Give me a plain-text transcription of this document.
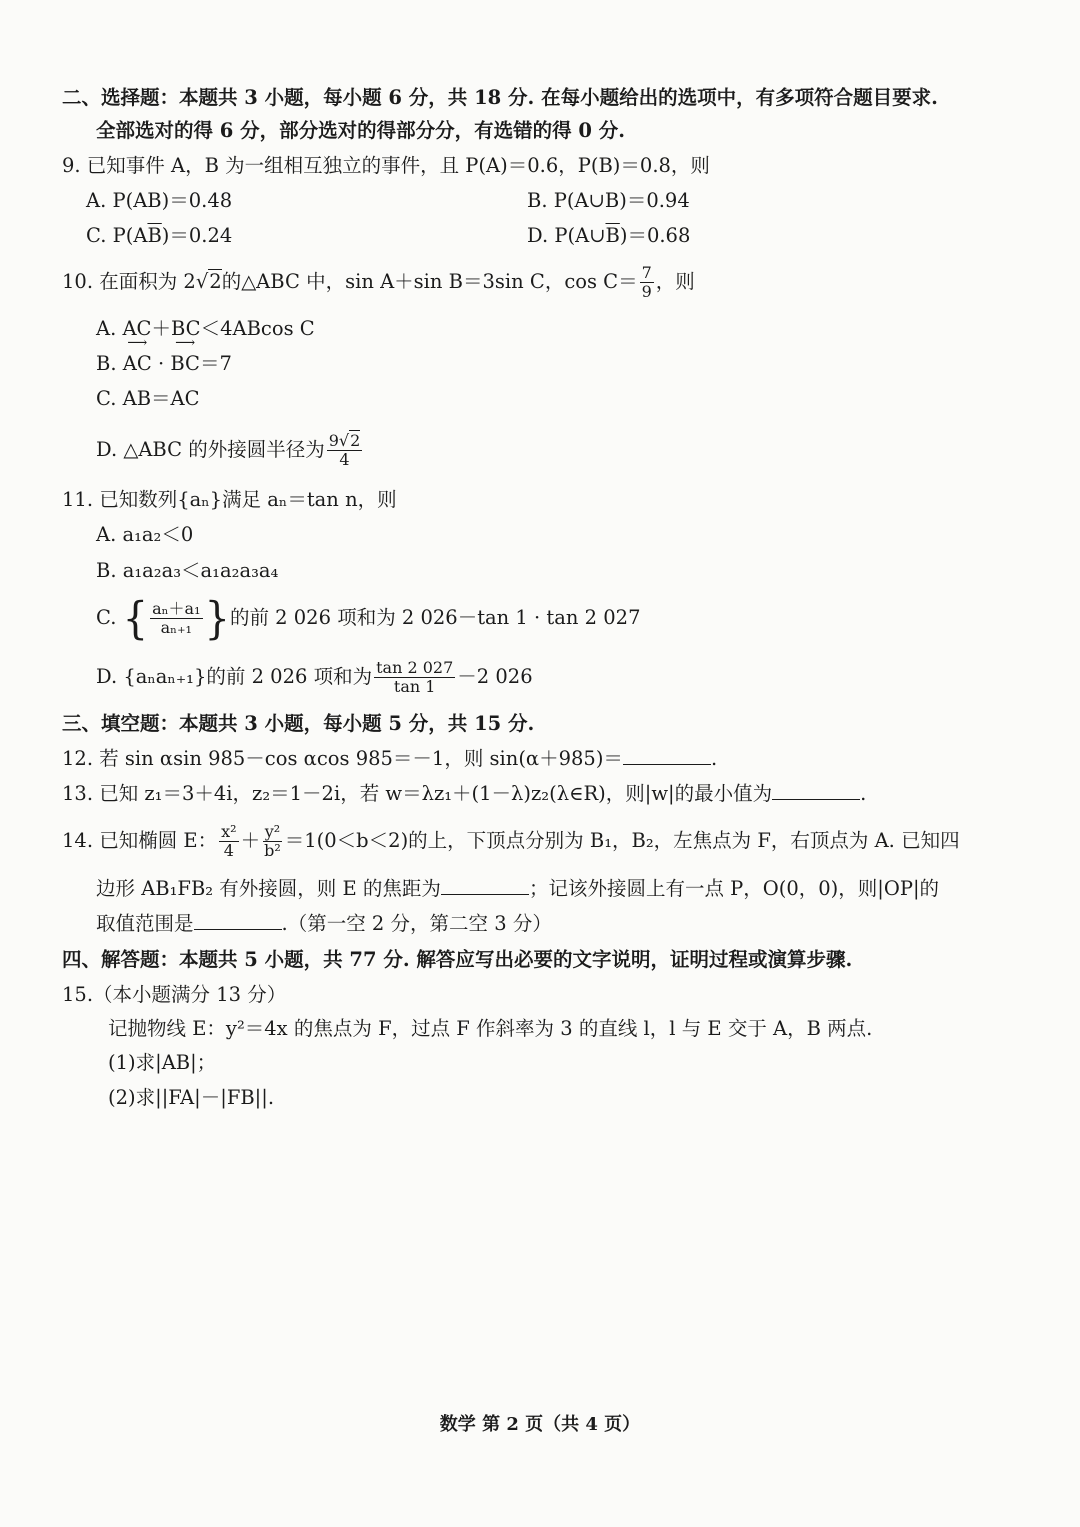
二、选择题：本题共 3 小题，每小题 6 分，共 18 分. 在每小题给出的选项中，有多项符合题目要求.
全部选对的得 6 分，部分选对的得部分分，有选错的得 0 分.
9. 已知事件 A，B 为一组相互独立的事件，且 P(A)＝0.6，P(B)＝0.8，则
A. P(AB)＝0.48	B. P(A∪B)＝0.94
C. $P(A\overline{B})=0.24$	D. $P(A\cup\overline{B})=0.68$
10. 在面积为 2√2的△ABC 中，sin A＋sin B＝3sin C，$\cos C= \frac{7}{9}$ ，则
A. AC＋BC＜4ABcos C
B. ⟶ AC · ⟶ BC＝7
C. AB＝AC
D. △ABC 的外接圆半径为 $\frac{9√2}{4}$
11. 已知数列{aₙ}满足 aₙ＝tan n，则
A. a₁a₂＜0
B. a₁a₂a₃＜a₁a₂a₃a₄
C. { $\frac{\text{aₙ＋a₁}}{\text{aₙ₊₁}}$ }的前 2 026 项和为 2 026－tan 1 · tan 2 027
D. {aₙaₙ₊₁}的前 2 026 项和为 $\frac{\tan 2 027}{\tan 1} -2$ 026
三、填空题：本题共 3 小题，每小题 5 分，共 15 分.
12. 若 sin αsin 985－cos αcos 985＝－1，则 sin(α＋985)＝	.
13. 已知 z₁＝3＋4i，z₂＝1－2i，若 w＝λz₁＋(1－λ)z₂(λ∈R)，则|w|的最小值为	.
14. 已知椭圆 E： $\frac{\text{x²}}{4} + \frac{\text{y²}}{\text{b²}} =1(0<b<2)$的上，下顶点分别为 B₁，B₂，左焦点为 F，右顶点为 A. 已知四
边形 AB₁FB₂ 有外接圆，则 E 的焦距为	；记该外接圆上有一点 P，O(0，0)，则|OP|的
取值范围是	.（第一空 2 分，第二空 3 分）
四、解答题：本题共 5 小题，共 77 分. 解答应写出必要的文字说明，证明过程或演算步骤.
15.（本小题满分 13 分）
记抛物线 E：y²＝4x 的焦点为 F，过点 F 作斜率为 3 的直线 l，l 与 E 交于 A，B 两点.
(1)求|AB|；
(2)求||FA|－|FB||.
数学 第 2 页（共 4 页）
